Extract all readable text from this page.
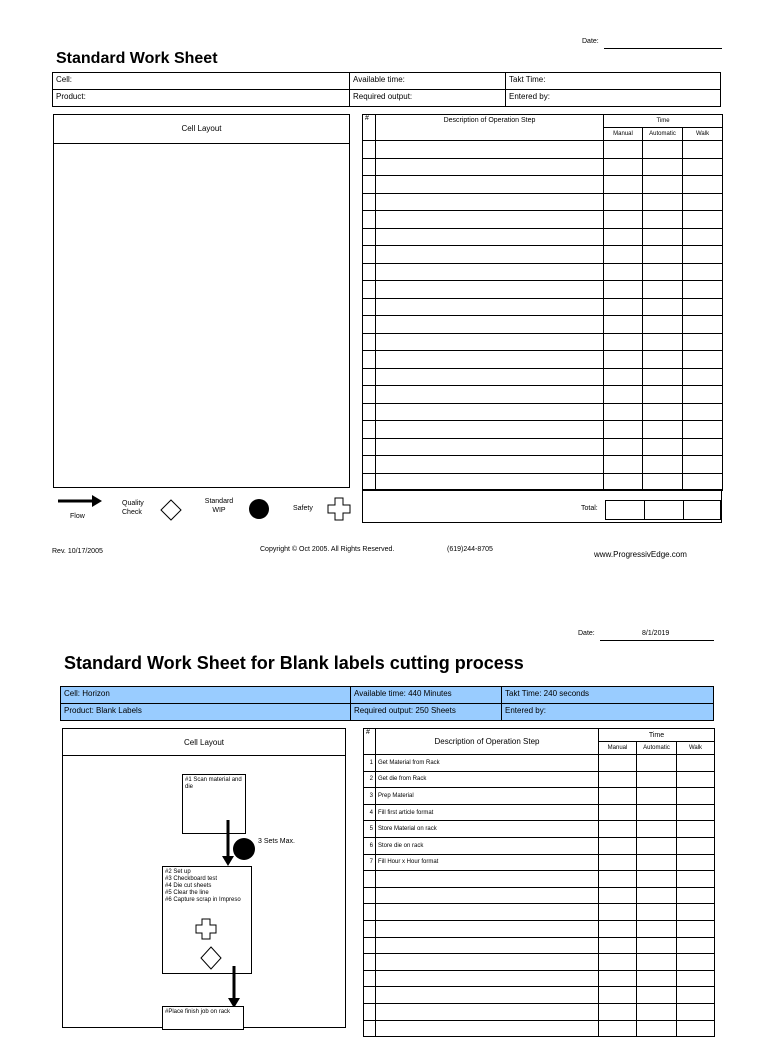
Date:
Standard Work Sheet
Cell:	Available time:	Takt Time:
Product:	Required output:	Entered by:
Cell Layout
#	Description of Operation Step	Time		
		Manual	Automatic	Walk

Total:
Flow
Quality Check
Standard WIP	Safety
Rev. 10/17/2005	Copyright © Oct 2005. All Rights Reserved.	(619)244-8705
www.ProgressivEdge.com
Date:	8/1/2019
Standard Work Sheet for Blank labels cutting process
Cell: Horizon	Available time: 440 Minutes	Takt Time: 240 seconds
Product: Blank Labels	Required output: 250 Sheets	Entered by:
Cell Layout
#1 Scan material and die
3 Sets Max.
#2 Set up
#3 Checkboard test
#4 Die cut sheets
#5 Clear the line
#6 Capture scrap in Impreso
#Place finish job on rack
#	Description of Operation Step	Time		
		Manual	Automatic	Walk
1	Get Material from Rack			
2	Get die from Rack			
3	Prep Material			
4	Fill first article format			
5	Store Material on rack			
6	Store die on rack			
7	Fill Hour x Hour format			
